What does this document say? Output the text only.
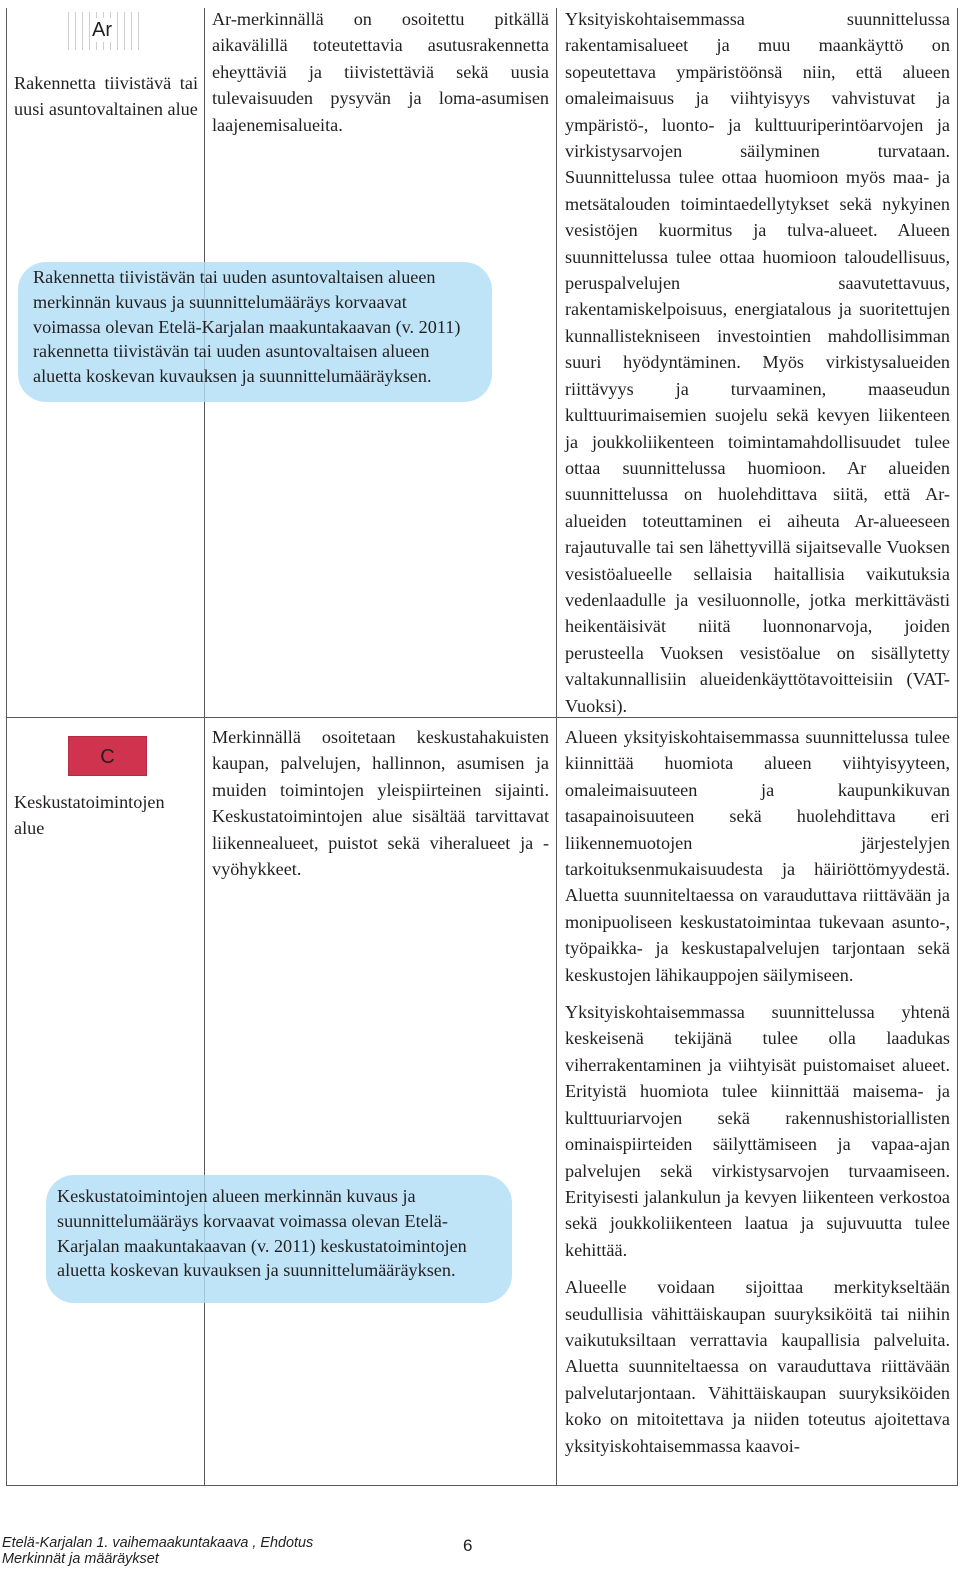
Ar
Rakennetta tiivistävä tai uusi asuntovaltainen alue
Ar-merkinnällä on osoitettu pitkällä aikavälillä toteutettavia asutusrakennetta eheyttäviä ja tiivistettäviä sekä uusia tulevaisuuden pysyvän ja loma-asumisen laajenemisalueita.

Yksityiskohtaisemmassa suunnittelussa rakentamisalueet ja muu maankäyttö on sopeutettava ympäristöönsä niin, että alueen omaleimaisuus ja viihtyisyys vahvistuvat ja ympäristö-, luonto- ja kulttuuriperintöarvojen ja virkistysarvojen säilyminen turvataan. Suunnittelussa tulee ottaa huomioon myös maa- ja metsätalouden toimintaedellytykset sekä nykyinen vesistöjen kuormitus ja tulva-alueet. Alueen suunnittelussa tulee ottaa huomioon taloudellisuus, peruspalvelujen saavutettavuus, rakentamiskelpoisuus, energiatalous ja suoritettujen kunnallistekniseen investointien mahdollisimman suuri hyödyntäminen. Myös virkistysalueiden riittävyys ja turvaaminen, maaseudun kulttuurimaisemien suojelu sekä kevyen liikenteen ja joukkoliikenteen toimintamahdollisuudet tulee ottaa suunnittelussa huomioon. Ar alueiden suunnittelussa on huolehdittava siitä, että Ar-alueiden toteuttaminen ei aiheuta Ar-alueeseen rajautuvalle tai sen lähettyvillä sijaitsevalle Vuoksen vesistöalueelle sellaisia haitallisia vaikutuksia vedenlaadulle ja vesiluonnolle, jotka merkittävästi heikentäisivät niitä luonnonarvoja, joiden perusteella Vuoksen vesistöalue on sisällytetty valtakunnallisiin alueidenkäyttötavoitteisiin (VAT-Vuoksi).

Rakennetta tiivistävän tai uuden asuntovaltaisen alueen merkinnän kuvaus ja suunnittelumääräys korvaavat voimassa olevan Etelä-Karjalan maakuntakaavan (v. 2011) rakennetta tiivistävän tai uuden asuntovaltaisen alueen aluetta koskevan kuvauksen ja suunnittelumääräyksen.
C
Keskustatoimintojen alue
Merkinnällä osoitetaan keskustahakuisten kaupan, palvelujen, hallinnon, asumisen ja muiden toimintojen yleispiirteinen sijainti. Keskustatoimintojen alue sisältää tarvittavat liikennealueet, puistot sekä viheralueet ja -vyöhykkeet.

Alueen yksityiskohtaisemmassa suunnittelussa tulee kiinnittää huomiota alueen viihtyisyyteen, omaleimaisuuteen ja kaupunkikuvan tasapainoisuuteen sekä huolehdittava eri liikennemuotojen järjestelyjen tarkoituksenmukaisuudesta ja häiriöttömyydestä. Aluetta suunniteltaessa on varauduttava riittävään ja monipuoliseen keskustatoimintaa tukevaan asunto-, työpaikka- ja keskustapalvelujen tarjontaan sekä keskustojen lähikauppojen säilymiseen.

Yksityiskohtaisemmassa suunnittelussa yhtenä keskeisenä tekijänä tulee olla laadukas viherrakentaminen ja viihtyisät puistomaiset alueet. Erityistä huomiota tulee kiinnittää maisema- ja kulttuuriarvojen sekä rakennushistoriallisten ominaispiirteiden säilyttämiseen ja vapaa-ajan palvelujen sekä virkistysarvojen turvaamiseen. Erityisesti jalankulun ja kevyen liikenteen verkostoa sekä joukkoliikenteen laatua ja sujuvuutta tulee kehittää.

Alueelle voidaan sijoittaa merkitykseltään seudullisia vähittäiskaupan suuryksiköitä tai niihin vaikutuksiltaan verrattavia kaupallisia palveluita. Aluetta suunniteltaessa on varauduttava riittävään palvelutarjontaan. Vähittäiskaupan suuryksiköiden koko on mitoitettava ja niiden toteutus ajoitettava yksityiskohtaisemmassa kaavoi-

Keskustatoimintojen alueen merkinnän kuvaus ja suunnittelumääräys korvaavat voimassa olevan Etelä-Karjalan maakuntakaavan (v. 2011) keskustatoimintojen aluetta koskevan kuvauksen ja suunnittelumääräyksen.
Etelä-Karjalan 1. vaihemaakuntakaava , Ehdotus
Merkinnät ja määräykset
6
